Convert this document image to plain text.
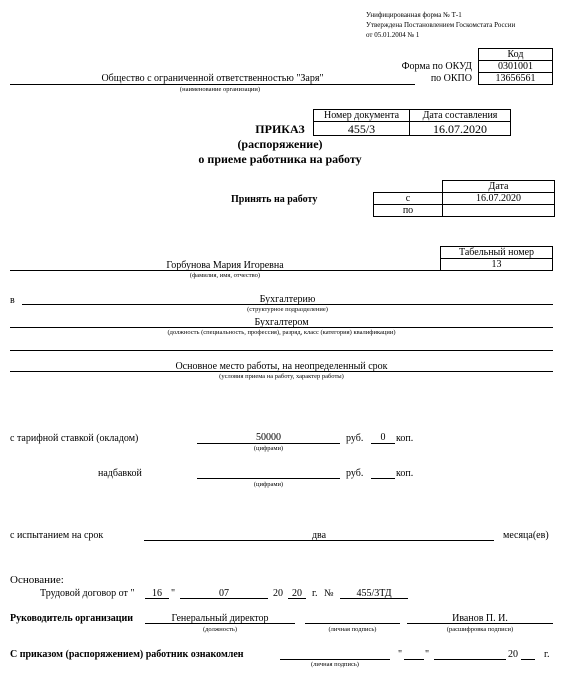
Унифицированная форма № Т-1
Утверждена Постановлением Госкомстата России
от 05.01.2004 № 1
Код
Форма по ОКУД	0301001
по ОКПО	13656561
Общество с ограниченной ответственностью "Заря"
(наименование организации)
Номер документа	Дата составления
455/3	16.07.2020
ПРИКАЗ
(распоряжение)
о приеме работника на работу
Принять на работу
Дата
с	16.07.2020
по
Табельный номер
13
Горбунова Мария Игоревна
(фамилия, имя, отчество)
в	Бухгалтерию
(структурное подразделение)
Бухгалтером
(должность (специальность, профессия), разряд, класс (категория) квалификации)
Основное место работы, на неопределенный срок
(условия приема на работу, характер работы)
с тарифной ставкой (окладом)	50000
(цифрами)
руб.	0	коп.
надбавкой
(цифрами)
руб.	коп.
с испытанием на срок	два	месяца(ев)
Основание:
Трудовой договор от "	16 "	07	20 20	г. №	455/3ТД
Руководитель организации	Генеральный директор
(должность)	(личная подпись)
Иванов П. И.
(расшифровка подписи)
С приказом (распоряжением) работник ознакомлен
(личная подпись)
" "	20	г.
